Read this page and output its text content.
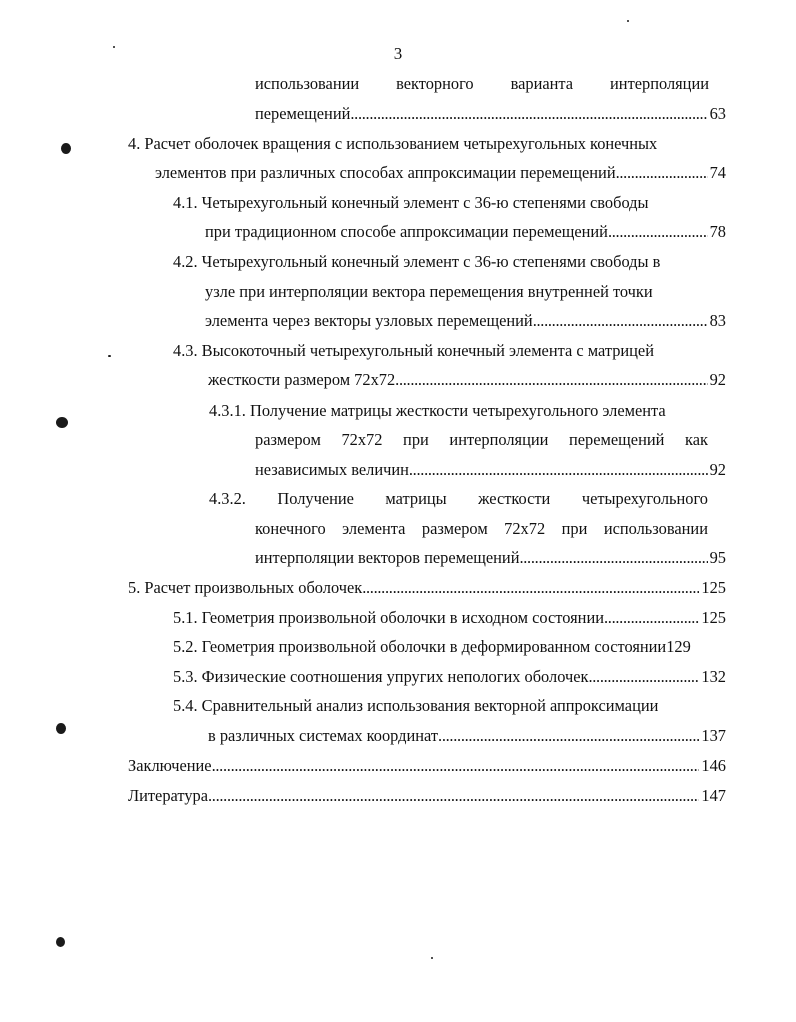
3
использовании векторного варианта интерполяции
перемещений . . .	63
4. Расчет оболочек вращения с использованием четырехугольных конечных
элементов при различных способах аппроксимации перемещений . . .	74
4.1. Четырехугольный конечный элемент с 36-ю степенями свободы
при традиционном способе аппроксимации перемещений . . .	78
4.2. Четырехугольный конечный элемент с 36-ю степенями свободы в
узле при интерполяции вектора перемещения внутренней точки
элемента через векторы узловых перемещений . . .	83
4.3. Высокоточный четырехугольный конечный элемента с матрицей
жесткости размером 72х72 . . .	92
4.3.1. Получение матрицы жесткости четырехугольного элемента
размером 72х72 при интерполяции перемещений как
независимых величин . . .	92
4.3.2. Получение матрицы жесткости четырехугольного
конечного элемента размером 72х72 при использовании
интерполяции векторов перемещений . . .	95
5. Расчет произвольных оболочек . . .	125
5.1. Геометрия произвольной оболочки в исходном состоянии . . .	125
5.2. Геометрия произвольной оболочки в деформированном состоянии129
5.3. Физические соотношения упругих непологих оболочек . . .	132
5.4. Сравнительный анализ использования векторной аппроксимации
в различных системах координат . . .	137
Заключение . . .	146
Литература . . .	147
